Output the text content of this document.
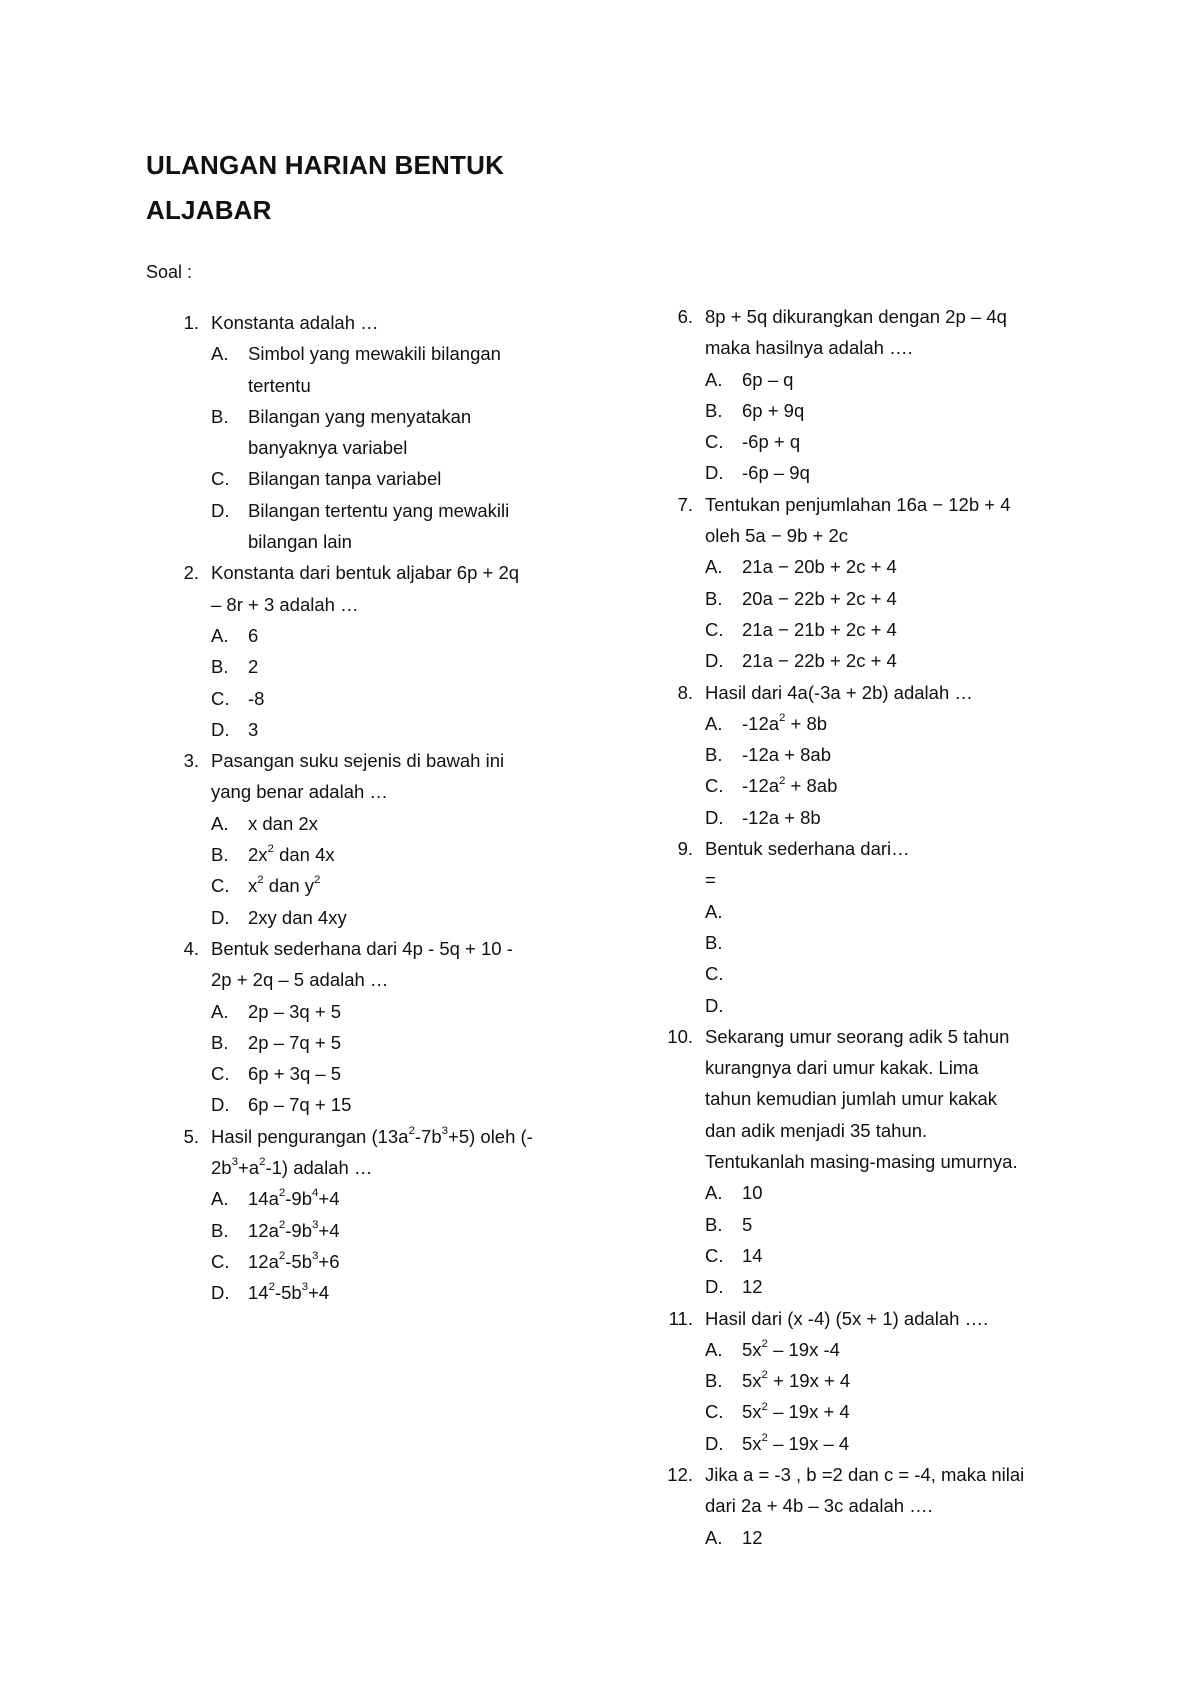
ULANGAN HARIAN BENTUK
ALJABAR
Soal :
1. Konstanta adalah …
A.	Simbol yang mewakili bilangan
tertentu
B.	Bilangan yang menyatakan
banyaknya variabel
C.	Bilangan tanpa variabel
D.	Bilangan tertentu yang mewakili
bilangan lain
2. Konstanta dari bentuk aljabar 6p + 2q
– 8r + 3 adalah …
A.	6
B.	2
C.	-8
D.	3
3. Pasangan suku sejenis di bawah ini
yang benar adalah …
A.	x dan 2x
B.	$2x^2$ dan 4x
C.	$x^2$ dan $y^2$
D.	2xy dan 4xy
4. Bentuk sederhana dari 4p - 5q + 10 -
2p + 2q – 5 adalah …
A.	2p – 3q + 5
B.	2p – 7q + 5
C.	6p + 3q – 5
D.	6p – 7q + 15
5. Hasil pengurangan $(13a^2-7b^3+5)$ oleh (-
$2b^3+a^2-1$) adalah …
A.	$14a^2-9b^4+4$
B.	$12a^2-9b^3+4$
C.	$12a^2-5b^3+6$
D.	$14^2-5b^3+4$
6. 8p + 5q dikurangkan dengan 2p – 4q
maka hasilnya adalah ….
A.	6p – q
B.	6p + 9q
C.	-6p + q
D.	-6p – 9q
7. Tentukan penjumlahan 16a − 12b + 4
oleh 5a − 9b + 2c
A.	21a − 20b + 2c + 4
B.	20a − 22b + 2c + 4
C.	21a − 21b + 2c + 4
D.	21a − 22b + 2c + 4
8. Hasil dari 4a(-3a + 2b) adalah …
A.	$-12a^2 + 8b$
B.	-12a + 8ab
C.	$-12a^2 + 8ab$
D.	-12a + 8b
9. Bentuk sederhana dari…
=
A.
B.
C.
D.
10. Sekarang umur seorang adik 5 tahun
kurangnya dari umur kakak. Lima
tahun kemudian jumlah umur kakak
dan adik menjadi 35 tahun.
Tentukanlah masing-masing umurnya.
A.	10
B.	5
C.	14
D.	12
11. Hasil dari (x -4) (5x + 1) adalah ….
A.	$5x^2 - 19x$ -4
B.	$5x^2 + 19x + 4$
C.	$5x^2 - 19x + 4$
D.	$5x^2 - 19x - 4$
12. Jika a = -3 , b =2 dan c = -4, maka nilai
dari 2a + 4b – 3c adalah ….
A.	12
